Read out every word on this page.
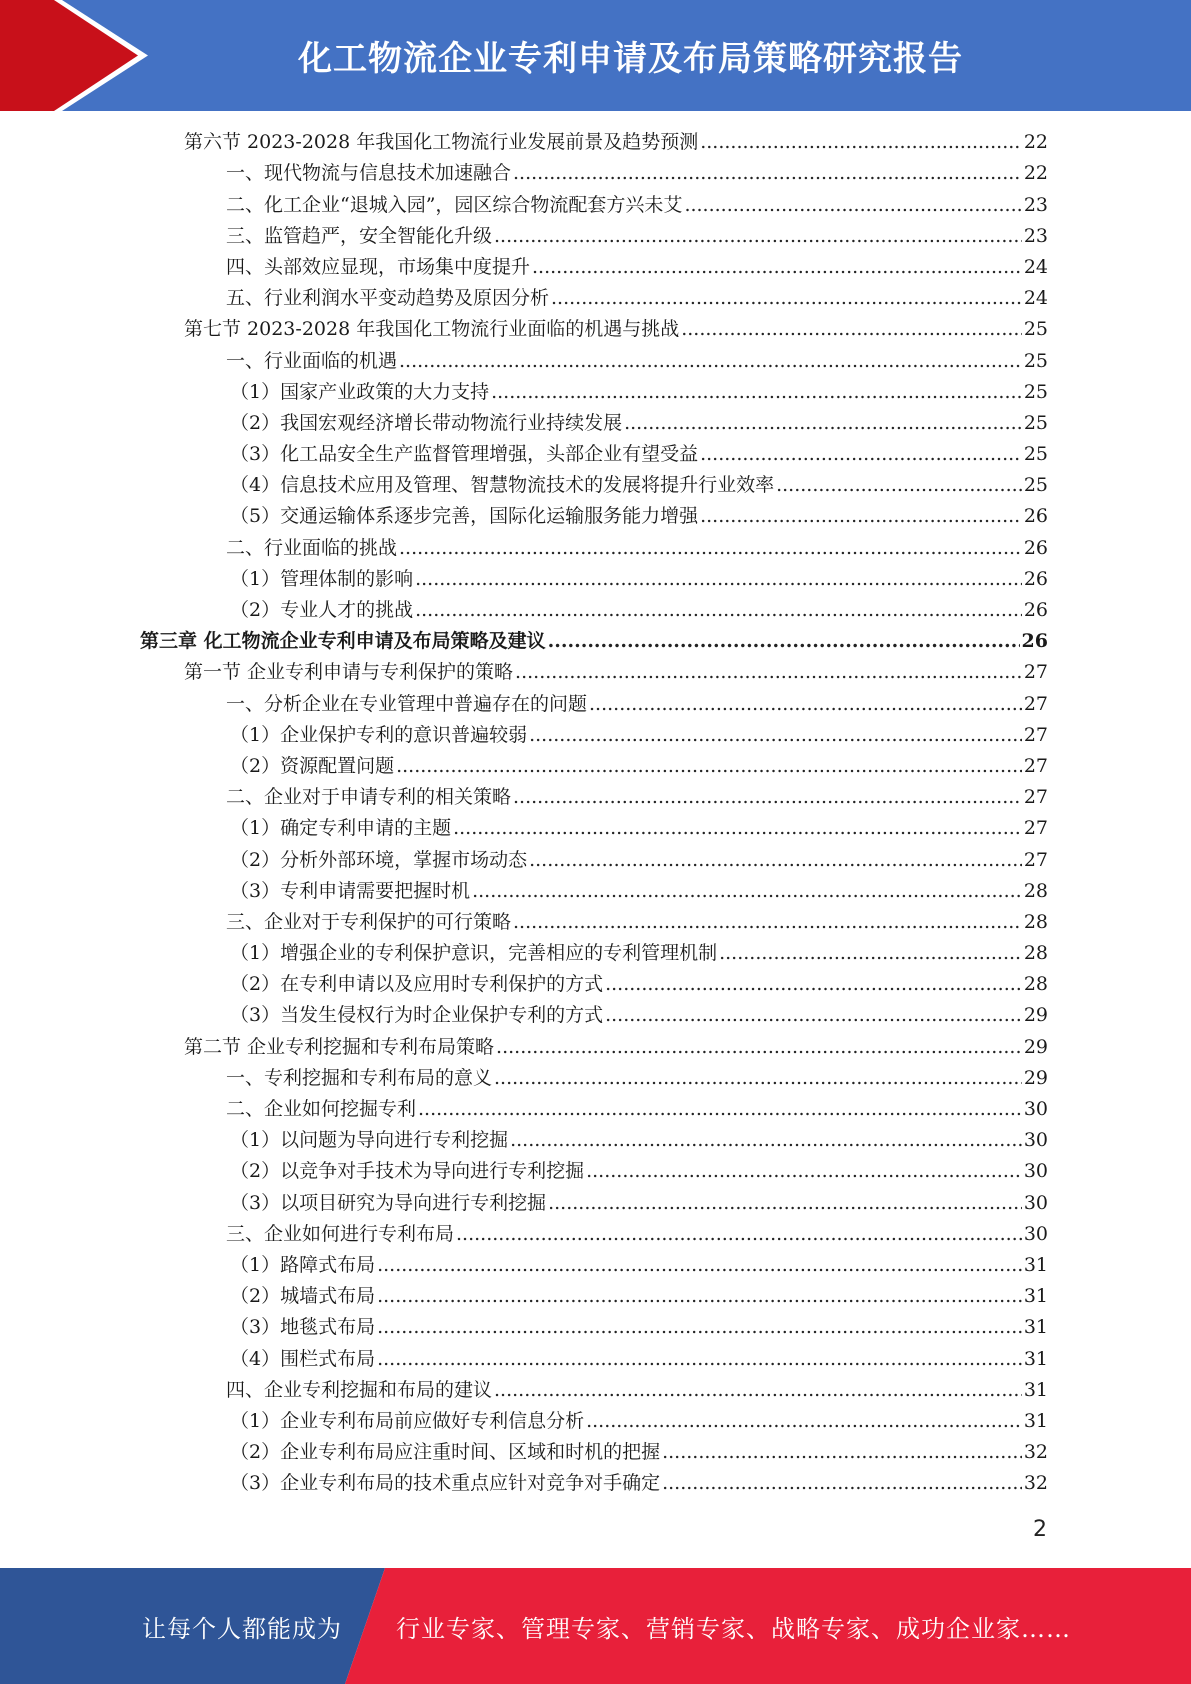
化工物流企业专利申请及布局策略研究报告
第六节 2023-2028 年我国化工物流行业发展前景及趋势预测 .....	22
一、现代物流与信息技术加速融合 .....	22
二、化工企业“退城入园”，园区综合物流配套方兴未艾 .....	23
三、监管趋严，安全智能化升级 .....	23
四、头部效应显现，市场集中度提升 .....	24
五、行业利润水平变动趋势及原因分析 .....	24
第七节 2023-2028 年我国化工物流行业面临的机遇与挑战 .....	25
一、行业面临的机遇 .....	25
（1）国家产业政策的大力支持 .....	25
（2）我国宏观经济增长带动物流行业持续发展 .....	25
（3）化工品安全生产监督管理增强，头部企业有望受益 .....	25
（4）信息技术应用及管理、智慧物流技术的发展将提升行业效率 .....	25
（5）交通运输体系逐步完善，国际化运输服务能力增强 .....	26
二、行业面临的挑战 .....	26
（1）管理体制的影响 .....	26
（2）专业人才的挑战 .....	26
第三章 化工物流企业专利申请及布局策略及建议 .....	26
第一节 企业专利申请与专利保护的策略 .....	27
一、分析企业在专业管理中普遍存在的问题 .....	27
（1）企业保护专利的意识普遍较弱 .....	27
（2）资源配置问题 .....	27
二、企业对于申请专利的相关策略 .....	27
（1）确定专利申请的主题 .....	27
（2）分析外部环境，掌握市场动态 .....	27
（3）专利申请需要把握时机 .....	28
三、企业对于专利保护的可行策略 .....	28
（1）增强企业的专利保护意识，完善相应的专利管理机制 .....	28
（2）在专利申请以及应用时专利保护的方式 .....	28
（3）当发生侵权行为时企业保护专利的方式 .....	29
第二节 企业专利挖掘和专利布局策略 .....	29
一、专利挖掘和专利布局的意义 .....	29
二、企业如何挖掘专利 .....	30
（1）以问题为导向进行专利挖掘 .....	30
（2）以竞争对手技术为导向进行专利挖掘 .....	30
（3）以项目研究为导向进行专利挖掘 .....	30
三、企业如何进行专利布局 .....	30
（1）路障式布局 .....	31
（2）城墙式布局 .....	31
（3）地毯式布局 .....	31
（4）围栏式布局 .....	31
四、企业专利挖掘和布局的建议 .....	31
（1）企业专利布局前应做好专利信息分析 .....	31
（2）企业专利布局应注重时间、区域和时机的把握 .....	32
（3）企业专利布局的技术重点应针对竞争对手确定 .....	32
2
让每个人都能成为 行业专家、管理专家、营销专家、战略专家、成功企业家……
